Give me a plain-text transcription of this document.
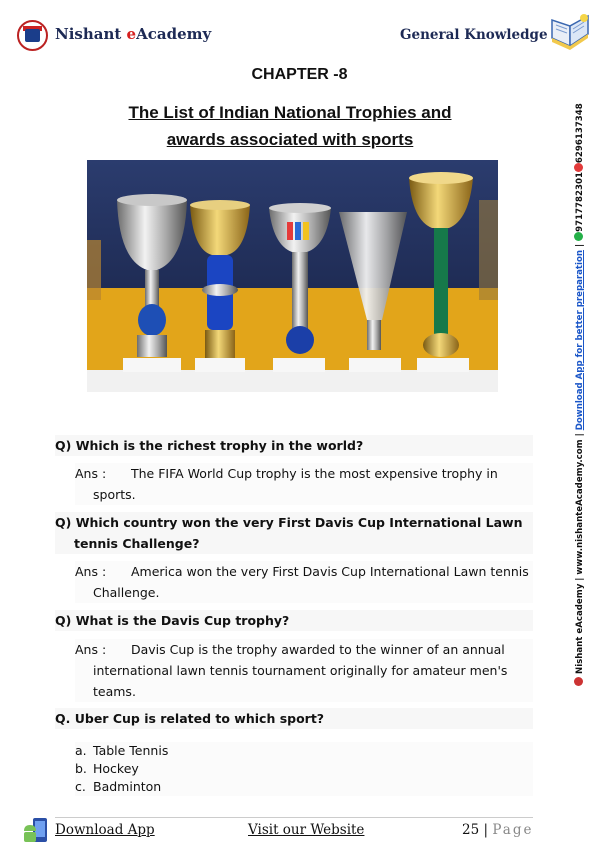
Nishant eAcademy	General Knowledge
CHAPTER -8
The List of Indian National Trophies and
awards associated with sports
Q) Which is the richest trophy in the world?
Ans :	The FIFA World Cup trophy is the most expensive trophy in sports.
Q) Which country won the very First Davis Cup International Lawn tennis Challenge?
Ans :	America won the very First Davis Cup International Lawn tennis Challenge.
Q) What is the Davis Cup trophy?
Ans :	Davis Cup is the trophy awarded to the winner of an annual international lawn tennis tournament originally for amateur men's teams.
Q. Uber Cup is related to which sport?
a. Table Tennis
b. Hockey
c. Badminton
Nishant eAcademy | www.nishanteAcademy.com | Download App for better preparation | 97177823016296137348
Download App	Visit our Website	25 | Page
